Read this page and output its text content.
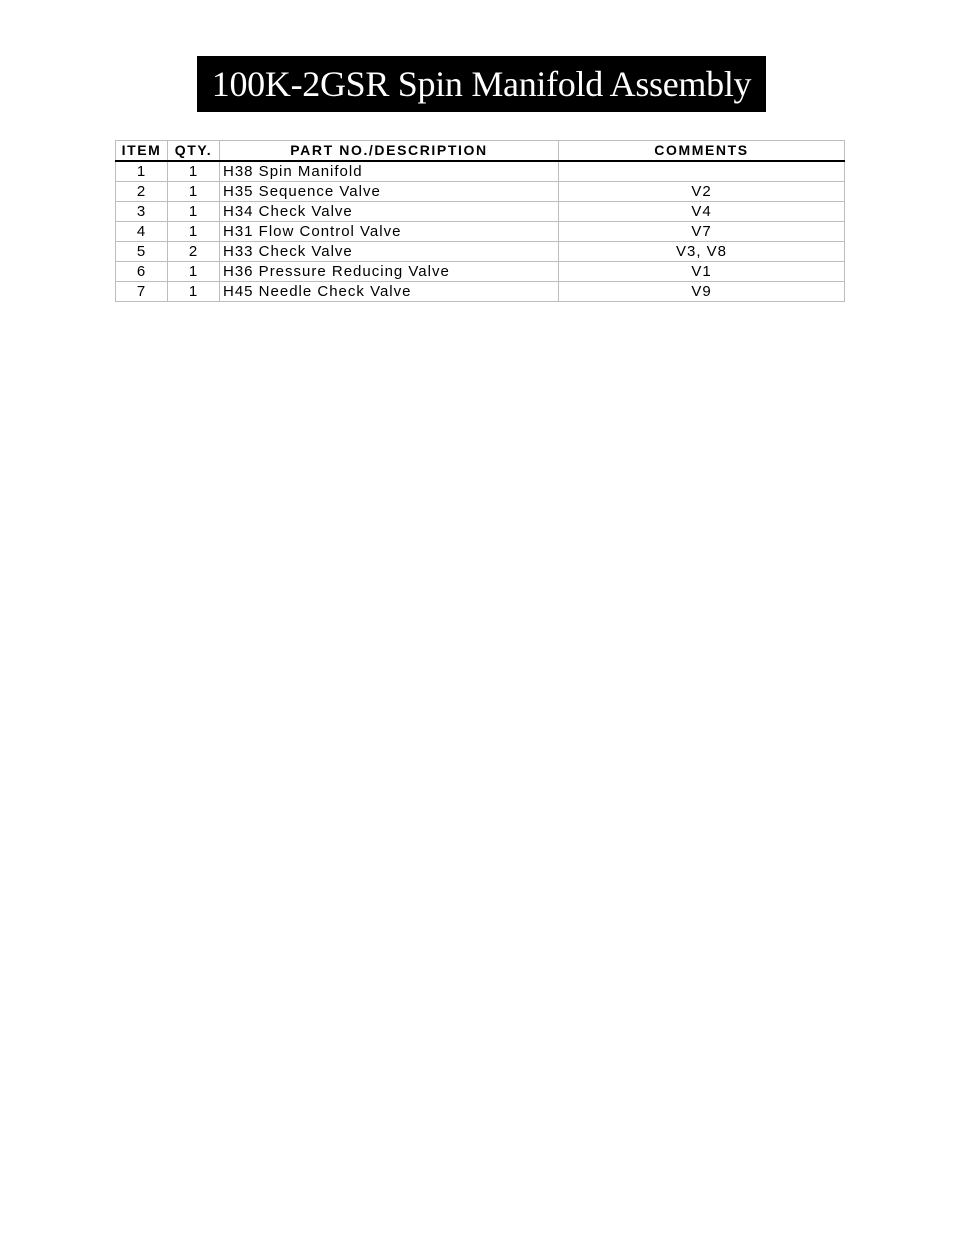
100K-2GSR Spin Manifold Assembly
ITEM	QTY.	PART NO./DESCRIPTION	COMMENTS
1	1	H38 Spin Manifold	
2	1	H35 Sequence Valve	V2
3	1	H34 Check Valve	V4
4	1	H31 Flow Control Valve	V7
5	2	H33 Check Valve	V3, V8
6	1	H36 Pressure Reducing Valve	V1
7	1	H45 Needle Check Valve	V9
